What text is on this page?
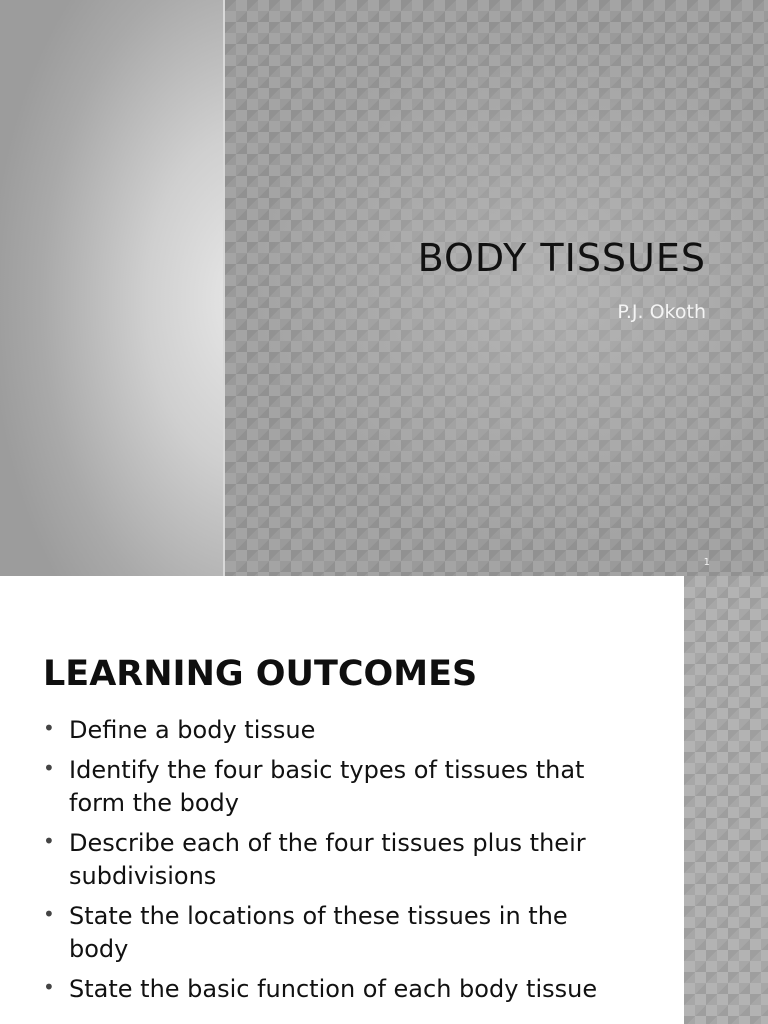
BODY TISSUES

P.J. Okoth

1
LEARNING OUTCOMES
• Define a body tissue
• Identify the four basic types of tissues that form the body
• Describe each of the four tissues plus their subdivisions
• State the locations of these tissues in the body
• State the basic function of each body tissue
